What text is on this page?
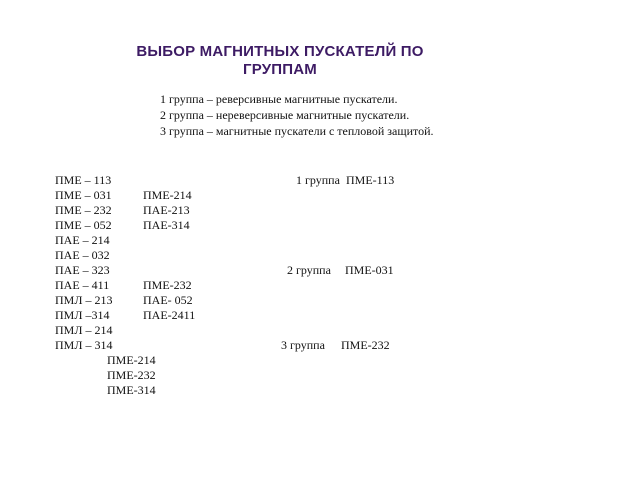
ВЫБОР МАГНИТНЫХ ПУСКАТЕЛЙ ПО
ГРУППАМ
1 группа – реверсивные магнитные пускатели.
2 группа – нереверсивные магнитные пускатели.
3 группа – магнитные пускатели с тепловой защитой.
ПМЕ – 113
ПМЕ – 031
ПМЕ – 232
ПМЕ – 052
ПАЕ – 214
ПАЕ – 032
ПАЕ – 323
ПАЕ – 411
ПМЛ – 213
ПМЛ –314
ПМЛ – 214
ПМЛ – 314
1 группа ПМЕ-113
ПМЕ-214
ПАЕ-213
ПАЕ-314
2 группа ПМЕ-031
ПМЕ-232
ПАЕ- 052
ПАЕ-2411
3 группа ПМЕ-232
ПМЕ-214
ПМЕ-232
ПМЕ-314
